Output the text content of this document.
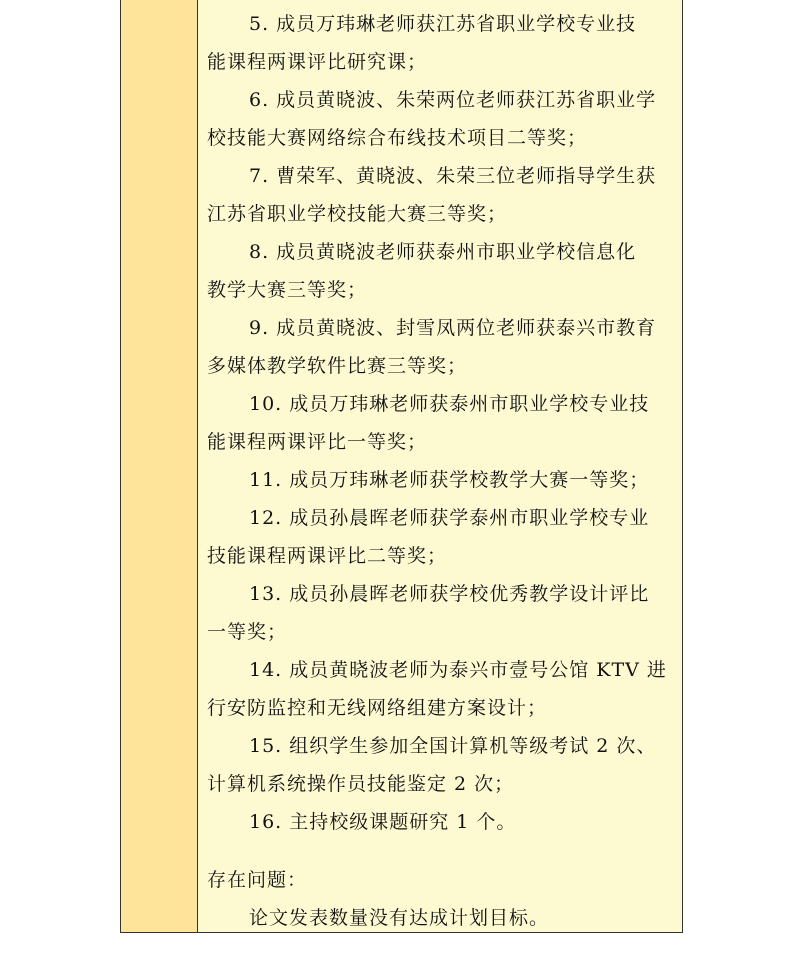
5. 成员万玮琳老师获江苏省职业学校专业技
能课程两课评比研究课；
6. 成员黄晓波、朱荣两位老师获江苏省职业学
校技能大赛网络综合布线技术项目二等奖；
7. 曹荣军、黄晓波、朱荣三位老师指导学生获
江苏省职业学校技能大赛三等奖；
8. 成员黄晓波老师获泰州市职业学校信息化
教学大赛三等奖；
9. 成员黄晓波、封雪凤两位老师获泰兴市教育
多媒体教学软件比赛三等奖；
10. 成员万玮琳老师获泰州市职业学校专业技
能课程两课评比一等奖；
11. 成员万玮琳老师获学校教学大赛一等奖；
12. 成员孙晨晖老师获学泰州市职业学校专业
技能课程两课评比二等奖；
13. 成员孙晨晖老师获学校优秀教学设计评比
一等奖；
14. 成员黄晓波老师为泰兴市壹号公馆 KTV 进
行安防监控和无线网络组建方案设计；
15. 组织学生参加全国计算机等级考试 2 次、
计算机系统操作员技能鉴定 2 次；
16. 主持校级课题研究 1 个。
存在问题：
论文发表数量没有达成计划目标。
